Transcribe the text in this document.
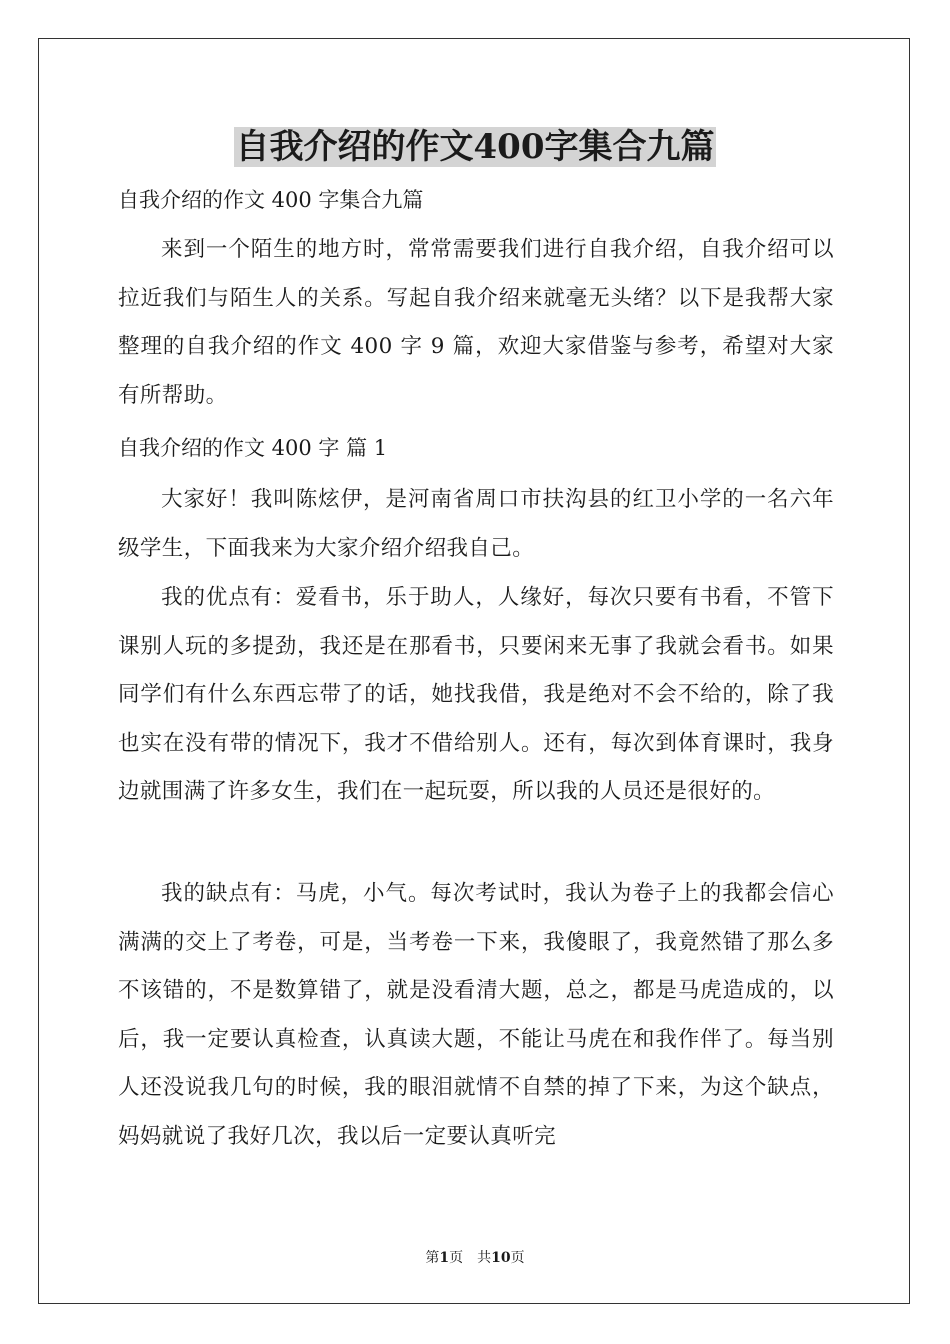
自我介绍的作文400字集合九篇

自我介绍的作文 400 字集合九篇

来到一个陌生的地方时，常常需要我们进行自我介绍，自我介绍可以拉近我们与陌生人的关系。写起自我介绍来就毫无头绪？以下是我帮大家整理的自我介绍的作文 400 字 9 篇，欢迎大家借鉴与参考，希望对大家有所帮助。

自我介绍的作文 400 字 篇 1

大家好！我叫陈炫伊，是河南省周口市扶沟县的红卫小学的一名六年级学生，下面我来为大家介绍介绍我自己。

我的优点有：爱看书，乐于助人，人缘好，每次只要有书看，不管下课别人玩的多提劲，我还是在那看书，只要闲来无事了我就会看书。如果同学们有什么东西忘带了的话，她找我借，我是绝对不会不给的，除了我也实在没有带的情况下，我才不借给别人。还有，每次到体育课时，我身边就围满了许多女生，我们在一起玩耍，所以我的人员还是很好的。

我的缺点有：马虎，小气。每次考试时，我认为卷子上的我都会信心满满的交上了考卷，可是，当考卷一下来，我傻眼了，我竟然错了那么多不该错的，不是数算错了，就是没看清大题，总之，都是马虎造成的，以后，我一定要认真检查，认真读大题，不能让马虎在和我作伴了。每当别人还没说我几句的时候，我的眼泪就情不自禁的掉了下来，为这个缺点，妈妈就说了我好几次，我以后一定要认真听完

第1页　共10页
